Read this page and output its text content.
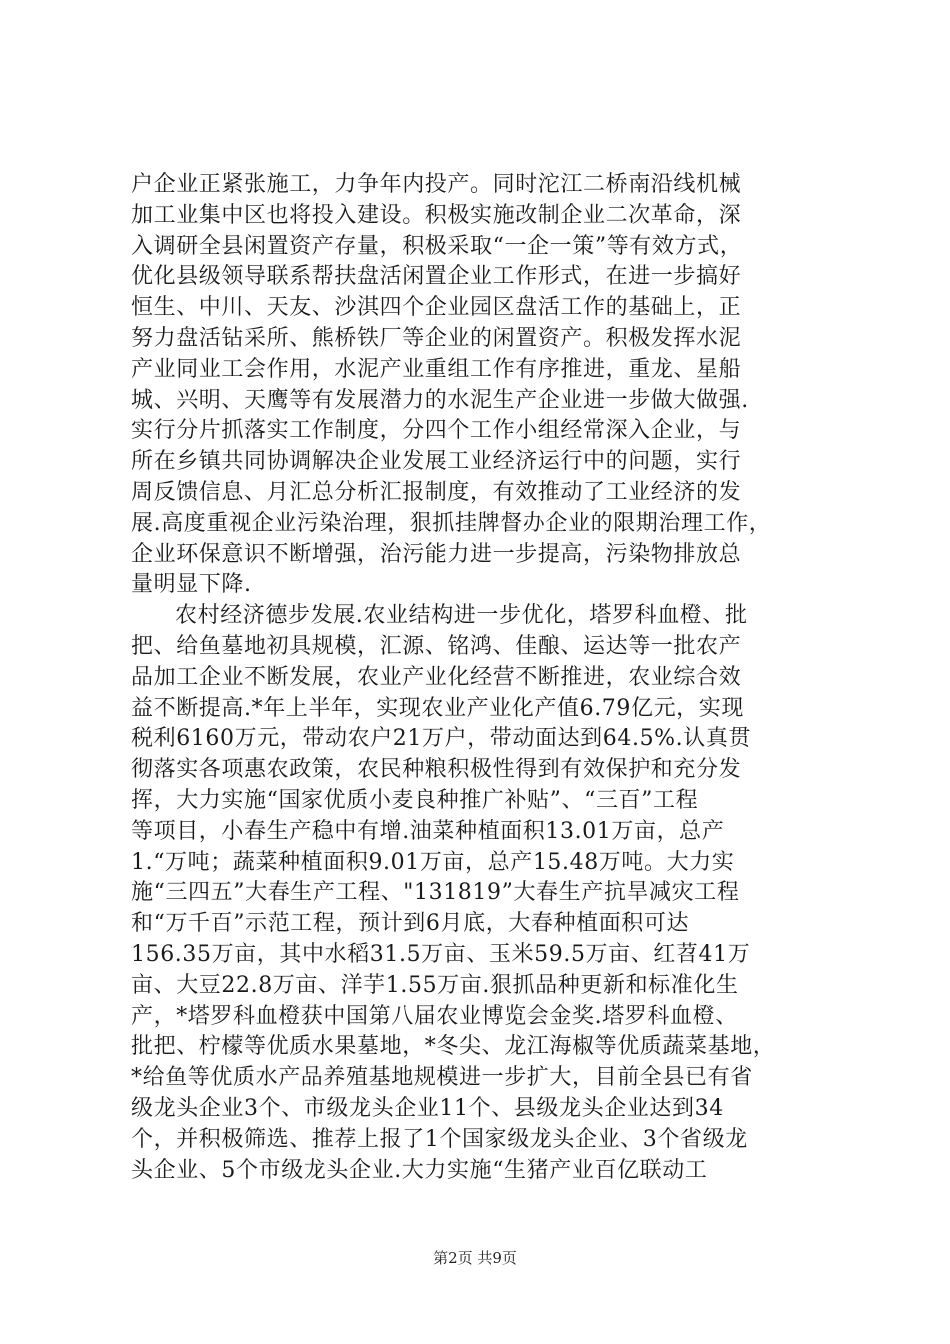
户企业正紧张施工，力争年内投产。同时沱江二桥南沿线机械
加工业集中区也将投入建设。积极实施改制企业二次革命，深
入调研全县闲置资产存量，积极采取“一企一策”等有效方式，
优化县级领导联系帮扶盘活闲置企业工作形式，在进一步搞好
恒生、中川、天友、沙淇四个企业园区盘活工作的基础上，正
努力盘活钻采所、熊桥铁厂等企业的闲置资产。积极发挥水泥
产业同业工会作用，水泥产业重组工作有序推进，重龙、星船
城、兴明、天鹰等有发展潜力的水泥生产企业进一步做大做强.
实行分片抓落实工作制度，分四个工作小组经常深入企业，与
所在乡镇共同协调解决企业发展工业经济运行中的问题，实行
周反馈信息、月汇总分析汇报制度，有效推动了工业经济的发
展.高度重视企业污染治理，狠抓挂牌督办企业的限期治理工作，
企业环保意识不断增强，治污能力进一步提高，污染物排放总
量明显下降.
农村经济德步发展.农业结构进一步优化，塔罗科血橙、批
把、给鱼墓地初具规模，汇源、铭鸿、佳酿、运达等一批农产
品加工企业不断发展，农业产业化经营不断推进，农业综合效
益不断提高.*年上半年，实现农业产业化产值6.79亿元，实现
税利6160万元，带动农户21万户，带动面达到64.5%.认真贯
彻落实各项惠农政策，农民种粮积极性得到有效保护和充分发
挥，大力实施“国家优质小麦良种推广补贴”、“三百”工程
等项目，小春生产稳中有增.油菜种植面积13.01万亩，总产
1.“万吨；蔬菜种植面积9.01万亩，总产15.48万吨。大力实
施“三四五”大春生产工程、"131819”大春生产抗旱减灾工程
和“万千百”示范工程，预计到6月底，大春种植面积可达
156.35万亩，其中水稻31.5万亩、玉米59.5万亩、红苕41万
亩、大豆22.8万亩、洋芋1.55万亩.狠抓品种更新和标准化生
产，*塔罗科血橙获中国第八届农业博览会金奖.塔罗科血橙、
批把、柠檬等优质水果墓地，*冬尖、龙江海椒等优质蔬菜基地，
*给鱼等优质水产品养殖基地规模进一步扩大，目前全县已有省
级龙头企业3个、市级龙头企业11个、县级龙头企业达到34
个，并积极筛选、推荐上报了1个国家级龙头企业、3个省级龙
头企业、5个市级龙头企业.大力实施“生猪产业百亿联动工
第2页 共9页
